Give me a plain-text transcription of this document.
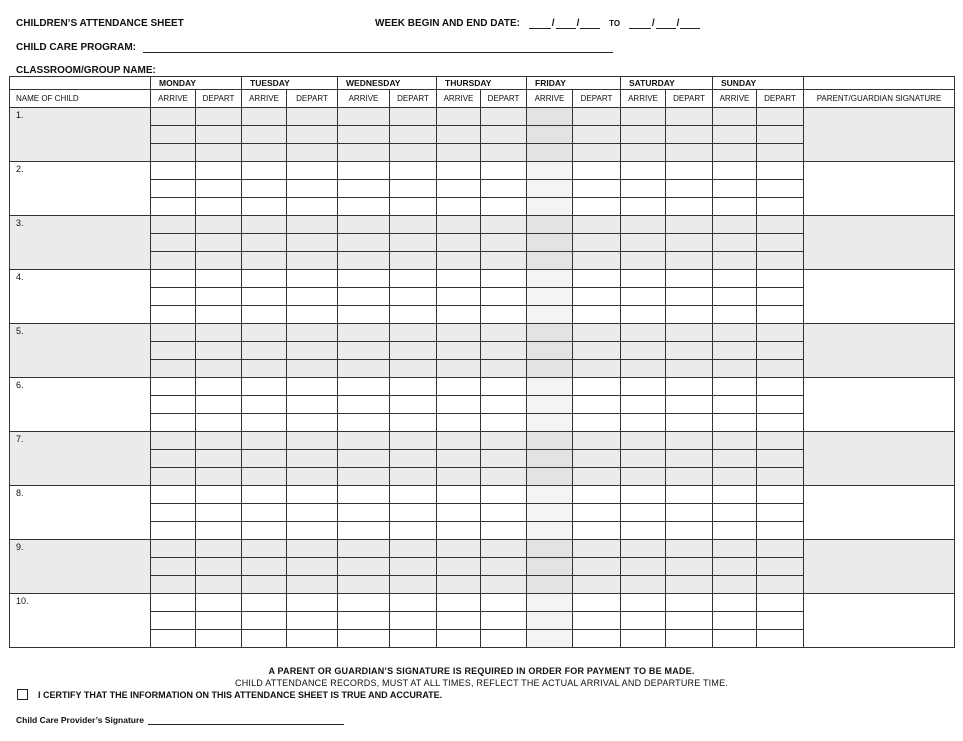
CHILDREN’S ATTENDANCE SHEET	WEEK BEGIN AND END DATE:	/ /	TO	/ /
CHILD CARE PROGRAM:
CLASSROOM/GROUP NAME:
	MONDAY		TUESDAY		WEDNESDAY		THURSDAY		FRIDAY		SATURDAY		SUNDAY		
NAME OF CHILD	ARRIVE	DEPART	ARRIVE	DEPART	ARRIVE	DEPART	ARRIVE	DEPART	ARRIVE	DEPART	ARRIVE	DEPART	ARRIVE	DEPART	PARENT/GUARDIAN SIGNATURE
1.															

2.															

3.															

4.															

5.															

6.															

7.															

8.															

9.															

10.															

A PARENT OR GUARDIAN’S SIGNATURE IS REQUIRED IN ORDER FOR PAYMENT TO BE MADE.
CHILD ATTENDANCE RECORDS, MUST AT ALL TIMES, REFLECT THE ACTUAL ARRIVAL AND DEPARTURE TIME.
I CERTIFY THAT THE INFORMATION ON THIS ATTENDANCE SHEET IS TRUE AND ACCURATE.
Child Care Provider’s Signature
